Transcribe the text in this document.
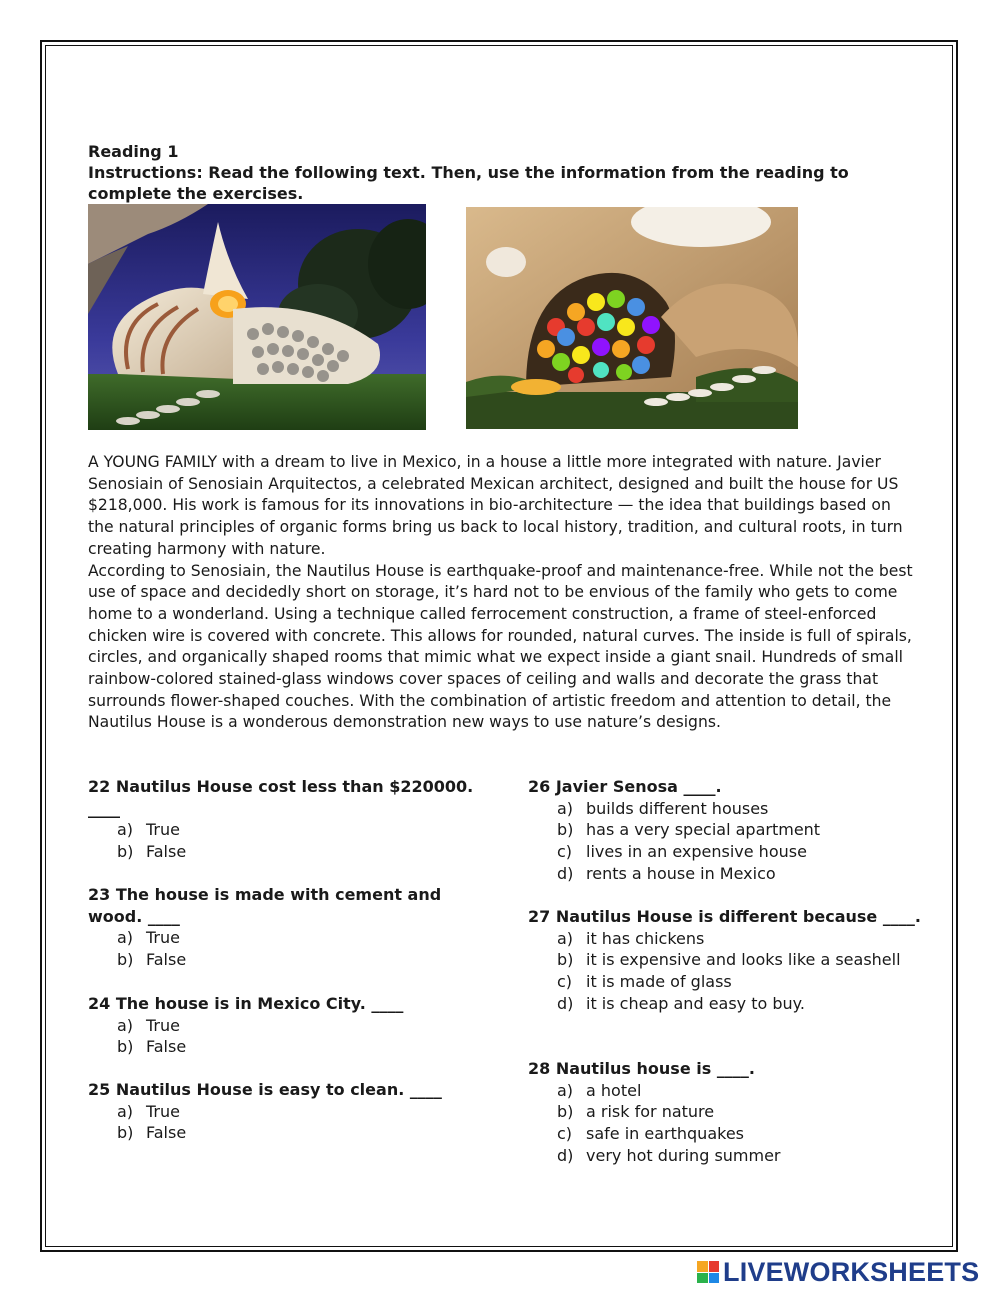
Reading 1
Instructions: Read the following text. Then, use the information from the reading to complete the exercises.

A YOUNG FAMILY with a dream to live in Mexico, in a house a little more integrated with nature. Javier Senosiain of Senosiain Arquitectos, a celebrated Mexican architect, designed and built the house for US $218,000. His work is famous for its innovations in bio-architecture — the idea that buildings based on the natural principles of organic forms bring us back to local history, tradition, and cultural roots, in turn creating harmony with nature.

According to Senosiain, the Nautilus House is earthquake-proof and maintenance-free. While not the best use of space and decidedly short on storage, it’s hard not to be envious of the family who gets to come home to a wonderland. Using a technique called ferrocement construction, a frame of steel-enforced chicken wire is covered with concrete. This allows for rounded, natural curves. The inside is full of spirals, circles, and organically shaped rooms that mimic what we expect inside a giant snail. Hundreds of small rainbow-colored stained-glass windows cover spaces of ceiling and walls and decorate the grass that surrounds flower-shaped couches. With the combination of artistic freedom and attention to detail, the Nautilus House is a wonderous demonstration new ways to use nature’s designs.

22 Nautilus House cost less than $220000. ____
a) True
b) False
23 The house is made with cement and wood. ____
a) True
b) False
24 The house is in Mexico City. ____
a) True
b) False
25 Nautilus House is easy to clean. ____
a) True
b) False
26 Javier Senosa ____.
a) builds different houses
b) has a very special apartment
c) lives in an expensive house
d) rents a house in Mexico
27 Nautilus House is different because ____.
a) it has chickens
b) it is expensive and looks like a seashell
c) it is made of glass
d) it is cheap and easy to buy.
28 Nautilus house is ____.
a) a hotel
b) a risk for nature
c) safe in earthquakes
d) very hot during summer
LIVEWORKSHEETS
